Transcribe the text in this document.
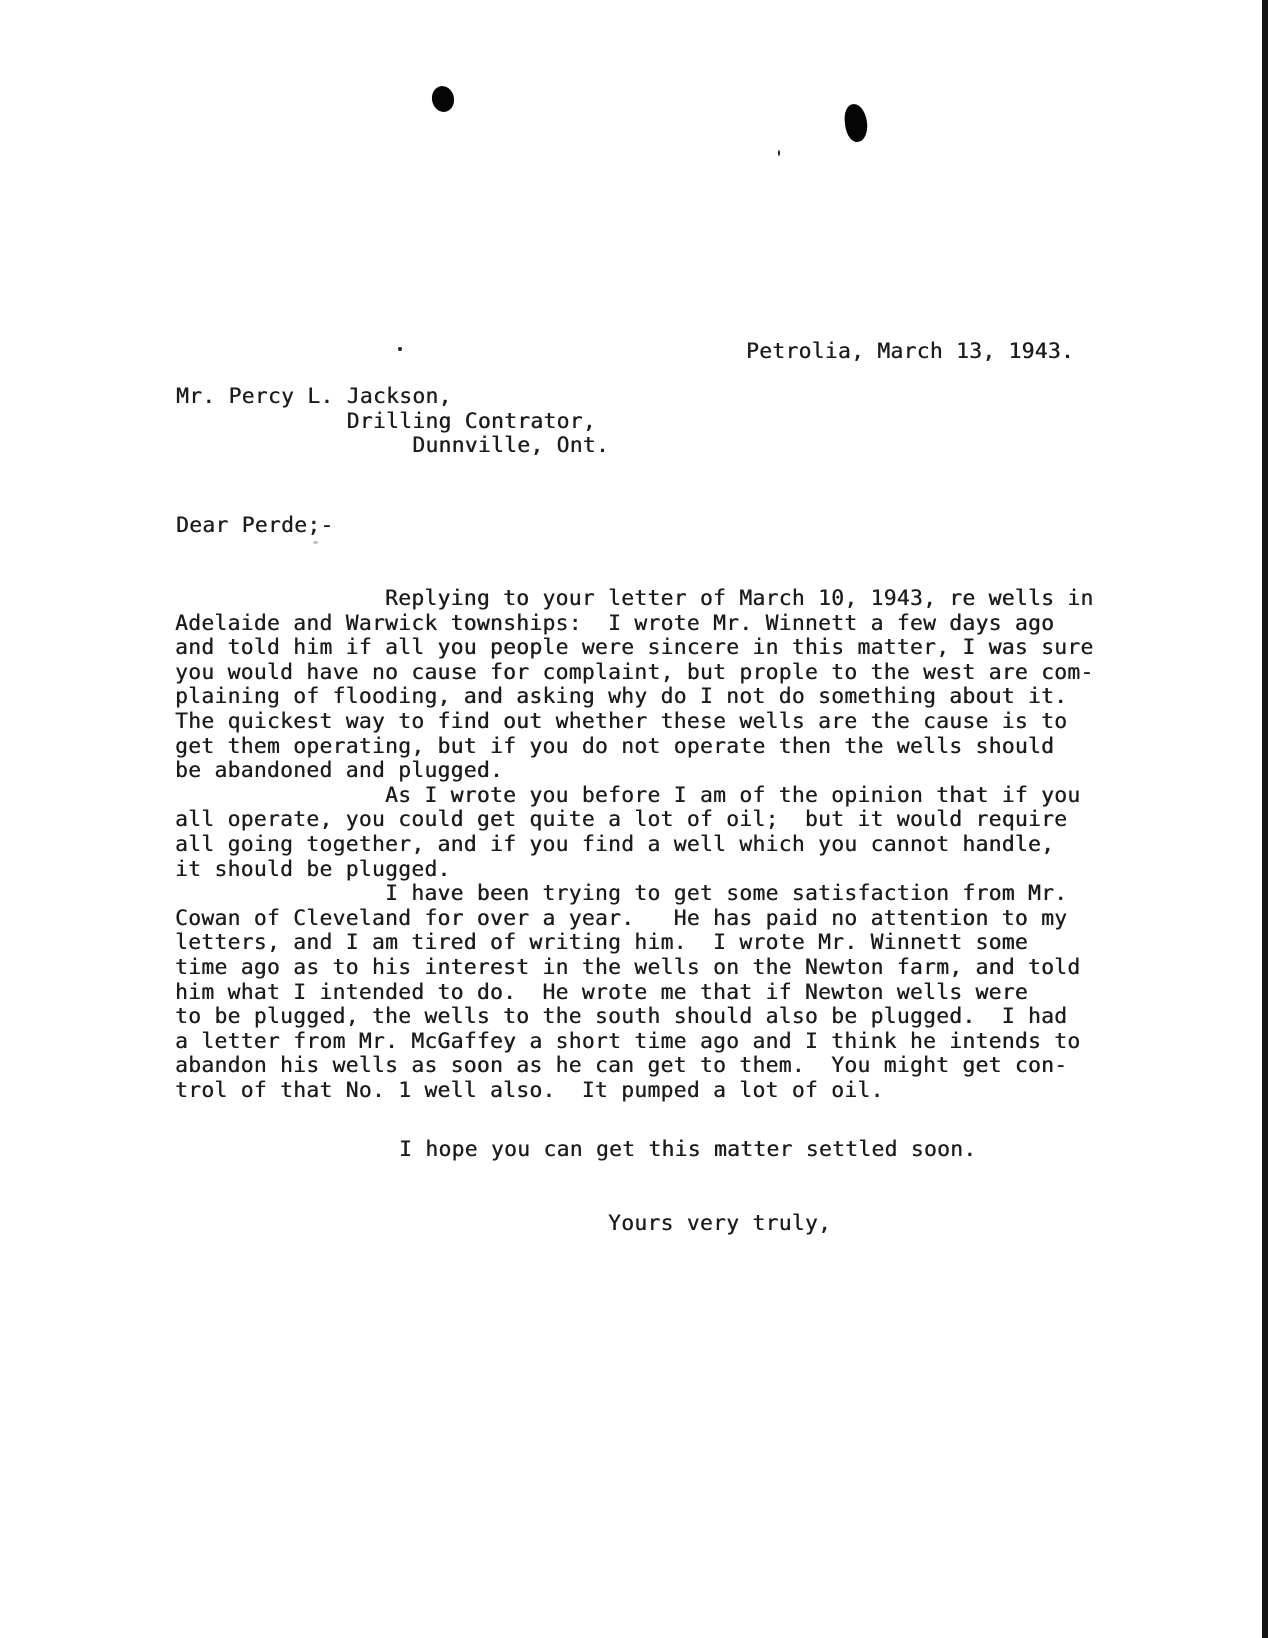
Petrolia, March 13, 1943.
Mr. Percy L. Jackson,
Drilling Contrator,
Dunnville, Ont.
Dear Perde;-
Replying to your letter of March 10, 1943, re wells in
Adelaide and Warwick townships:  I wrote Mr. Winnett a few days ago
and told him if all you people were sincere in this matter, I was sure
you would have no cause for complaint, but prople to the west are com-
plaining of flooding, and asking why do I not do something about it.
The quickest way to find out whether these wells are the cause is to
get them operating, but if you do not operate then the wells should
be abandoned and plugged.
As I wrote you before I am of the opinion that if you
all operate, you could get quite a lot of oil;  but it would require
all going together, and if you find a well which you cannot handle,
it should be plugged.
I have been trying to get some satisfaction from Mr.
Cowan of Cleveland for over a year.   He has paid no attention to my
letters, and I am tired of writing him.  I wrote Mr. Winnett some
time ago as to his interest in the wells on the Newton farm, and told
him what I intended to do.  He wrote me that if Newton wells were
to be plugged, the wells to the south should also be plugged.  I had
a letter from Mr. McGaffey a short time ago and I think he intends to
abandon his wells as soon as he can get to them.  You might get con-
trol of that No. 1 well also.  It pumped a lot of oil.
I hope you can get this matter settled soon.
Yours very truly,
